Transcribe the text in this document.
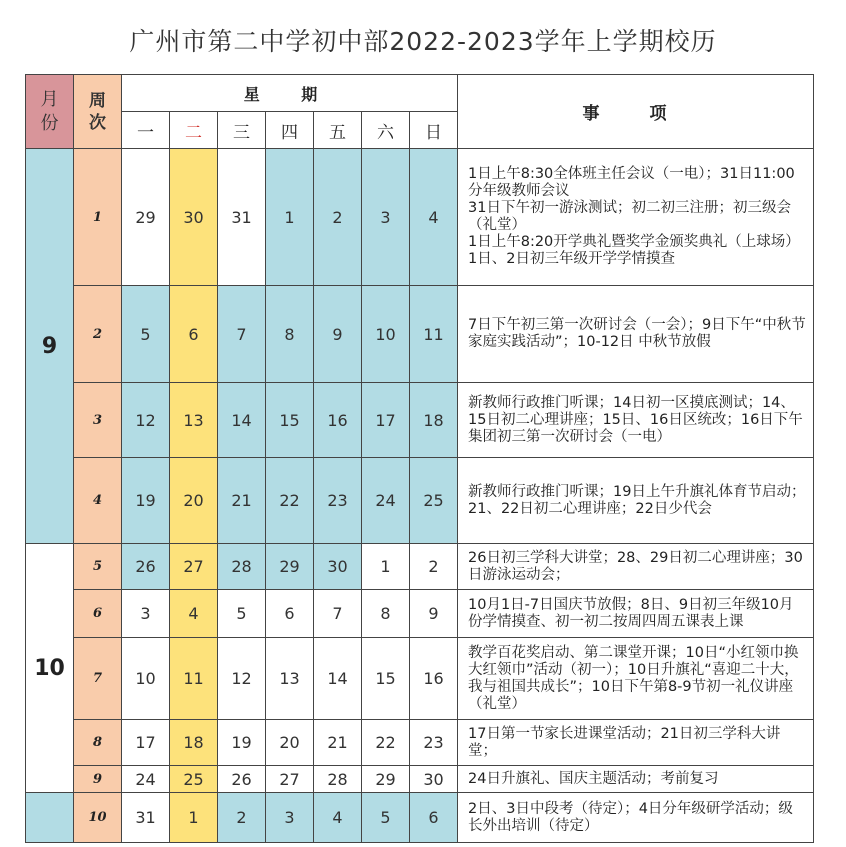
广州市第二中学初中部2022-2023学年上学期校历
月份	周次	星 期							事 项
		一	二	三	四	五	六	日	
9	1	29	30	31	1	2	3	4	1日上午8:30全体班主任会议（一电）；31日11:00分年级教师会议
31日下午初一游泳测试；初二初三注册；初三级会（礼堂）
1日上午8:20开学典礼暨奖学金颁奖典礼（上球场）
1日、2日初三年级开学学情摸查

	2	5	6	7	8	9	10	11	7日下午初三第一次研讨会（一会）；9日下午“中秋节家庭实践活动”；10-12日 中秋节放假

	3	12	13	14	15	16	17	18	新教师行政推门听课；14日初一区摸底测试；14、15日初二心理讲座；15日、16日区统改；16日下午集团初三第一次研讨会（一电）

	4	19	20	21	22	23	24	25	新教师行政推门听课；19日上午升旗礼体育节启动；
21、22日初二心理讲座；22日少代会

10	5	26	27	28	29	30	1	2	26日初三学科大讲堂；28、29日初二心理讲座；30日游泳运动会；

	6	3	4	5	6	7	8	9	10月1日-7日国庆节放假；8日、9日初三年级10月份学情摸查、初一初二按周四周五课表上课

	7	10	11	12	13	14	15	16	教学百花奖启动、第二课堂开课；10日“小红领巾换大红领巾”活动（初一）；10日升旗礼“喜迎二十大，我与祖国共成长”；10日下午第8-9节初一礼仪讲座（礼堂）

	8	17	18	19	20	21	22	23	17日第一节家长进课堂活动；21日初三学科大讲堂；

	9	24	25	26	27	28	29	30	24日升旗礼、国庆主题活动；考前复习

	10	31	1	2	3	4	5	6	2日、3日中段考（待定）；4日分年级研学活动；级长外出培训（待定）
